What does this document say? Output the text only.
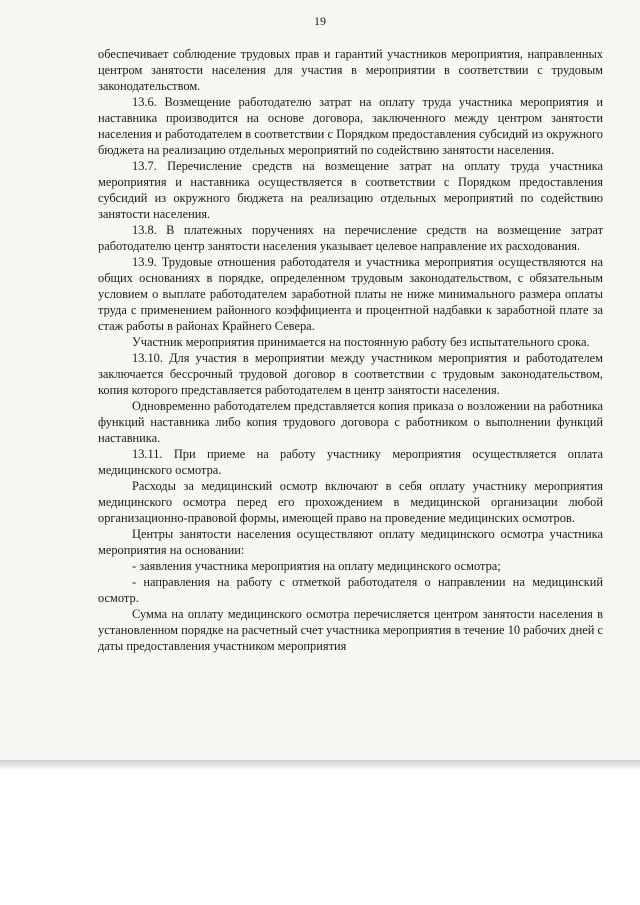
19

обеспечивает соблюдение трудовых прав и гарантий участников мероприятия, направленных центром занятости населения для участия в мероприятии в соответствии с трудовым законодательством.

13.6. Возмещение работодателю затрат на оплату труда участника мероприятия и наставника производится на основе договора, заключенного между центром занятости населения и работодателем в соответствии с Порядком предоставления субсидий из окружного бюджета на реализацию отдельных мероприятий по содействию занятости населения.

13.7. Перечисление средств на возмещение затрат на оплату труда участника мероприятия и наставника осуществляется в соответствии с Порядком предоставления субсидий из окружного бюджета на реализацию отдельных мероприятий по содействию занятости населения.

13.8. В платежных поручениях на перечисление средств на возмещение затрат работодателю центр занятости населения указывает целевое направление их расходования.

13.9. Трудовые отношения работодателя и участника мероприятия осуществляются на общих основаниях в порядке, определенном трудовым законодательством, с обязательным условием о выплате работодателем заработной платы не ниже минимального размера оплаты труда с применением районного коэффициента и процентной надбавки к заработной плате за стаж работы в районах Крайнего Севера.

Участник мероприятия принимается на постоянную работу без испытательного срока.

13.10. Для участия в мероприятии между участником мероприятия и работодателем заключается бессрочный трудовой договор в соответствии с трудовым законодательством, копия которого представляется работодателем в центр занятости населения.

Одновременно работодателем представляется копия приказа о возложении на работника функций наставника либо копия трудового договора с работником о выполнении функций наставника.

13.11. При приеме на работу участнику мероприятия осуществляется оплата медицинского осмотра.

Расходы за медицинский осмотр включают в себя оплату участнику мероприятия медицинского осмотра перед его прохождением в медицинской организации любой организационно-правовой формы, имеющей право на проведение медицинских осмотров.

Центры занятости населения осуществляют оплату медицинского осмотра участника мероприятия на основании:

- заявления участника мероприятия на оплату медицинского осмотра;

- направления на работу с отметкой работодателя о направлении на медицинский осмотр.

Сумма на оплату медицинского осмотра перечисляется центром занятости населения в установленном порядке на расчетный счет участника мероприятия в течение 10 рабочих дней с даты предоставления участником мероприятия
